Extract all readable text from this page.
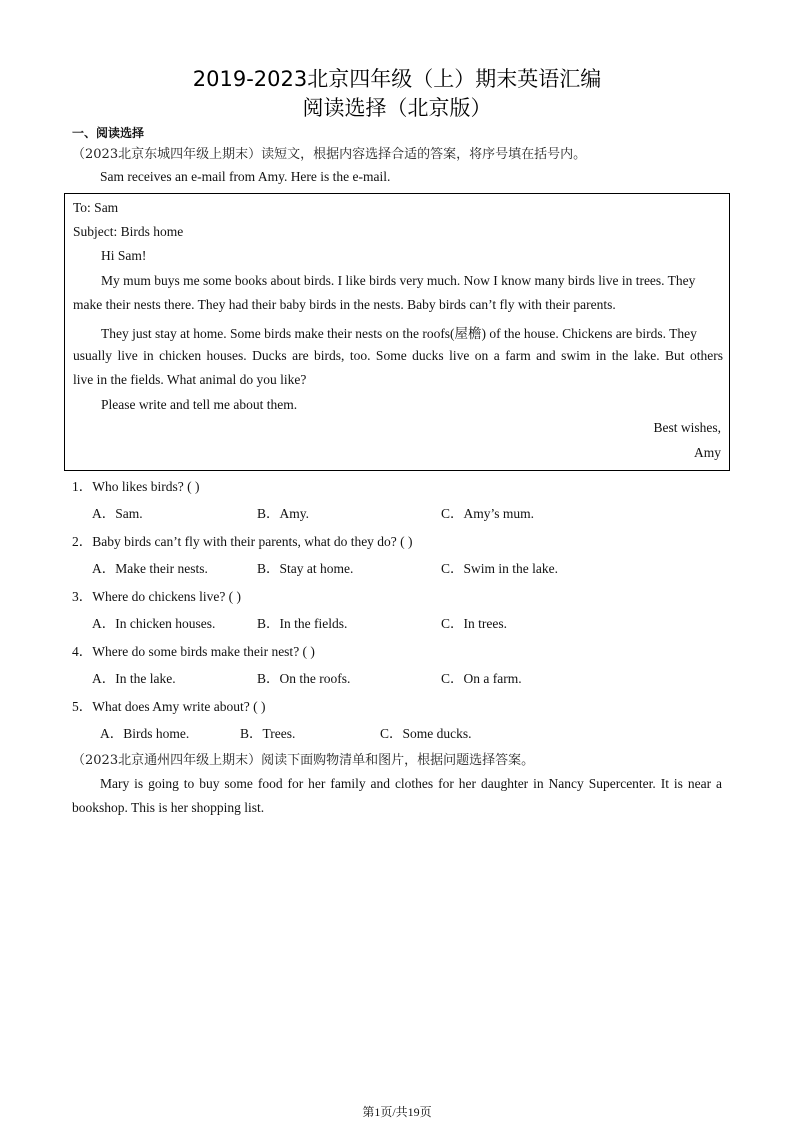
2019-2023北京四年级（上）期末英语汇编
阅读选择（北京版）
一、阅读选择
（2023北京东城四年级上期末）读短文，根据内容选择合适的答案，将序号填在括号内。
Sam receives an e-mail from Amy. Here is the e-mail.
To: Sam
Subject: Birds home
Hi Sam!
My mum buys me some books about birds. I like birds very much. Now I know many birds live in trees. They
make their nests there. They had their baby birds in the nests. Baby birds can’t fly with their parents.
They just stay at home. Some birds make their nests on the roofs(屋檐) of the house. Chickens are birds. They
usually live in chicken houses. Ducks are birds, too. Some ducks live on a farm and swim in the lake. But others
live in the fields. What animal do you like?
Please write and tell me about them.
Best wishes,
Amy
1．Who likes birds? ( )
A．Sam.	B．Amy.	C．Amy’s mum.
2．Baby birds can’t fly with their parents, what do they do? ( )
A．Make their nests.	B．Stay at home.	C．Swim in the lake.
3．Where do chickens live? ( )
A．In chicken houses.	B．In the fields.	C．In trees.
4．Where do some birds make their nest? ( )
A．In the lake.	B．On the roofs.	C．On a farm.
5．What does Amy write about? ( )
A．Birds home.	B．Trees.	C．Some ducks.
（2023北京通州四年级上期末）阅读下面购物清单和图片，根据问题选择答案。
Mary is going to buy some food for her family and clothes for her daughter in Nancy Supercenter. It is near a
bookshop. This is her shopping list.
第1页/共19页
